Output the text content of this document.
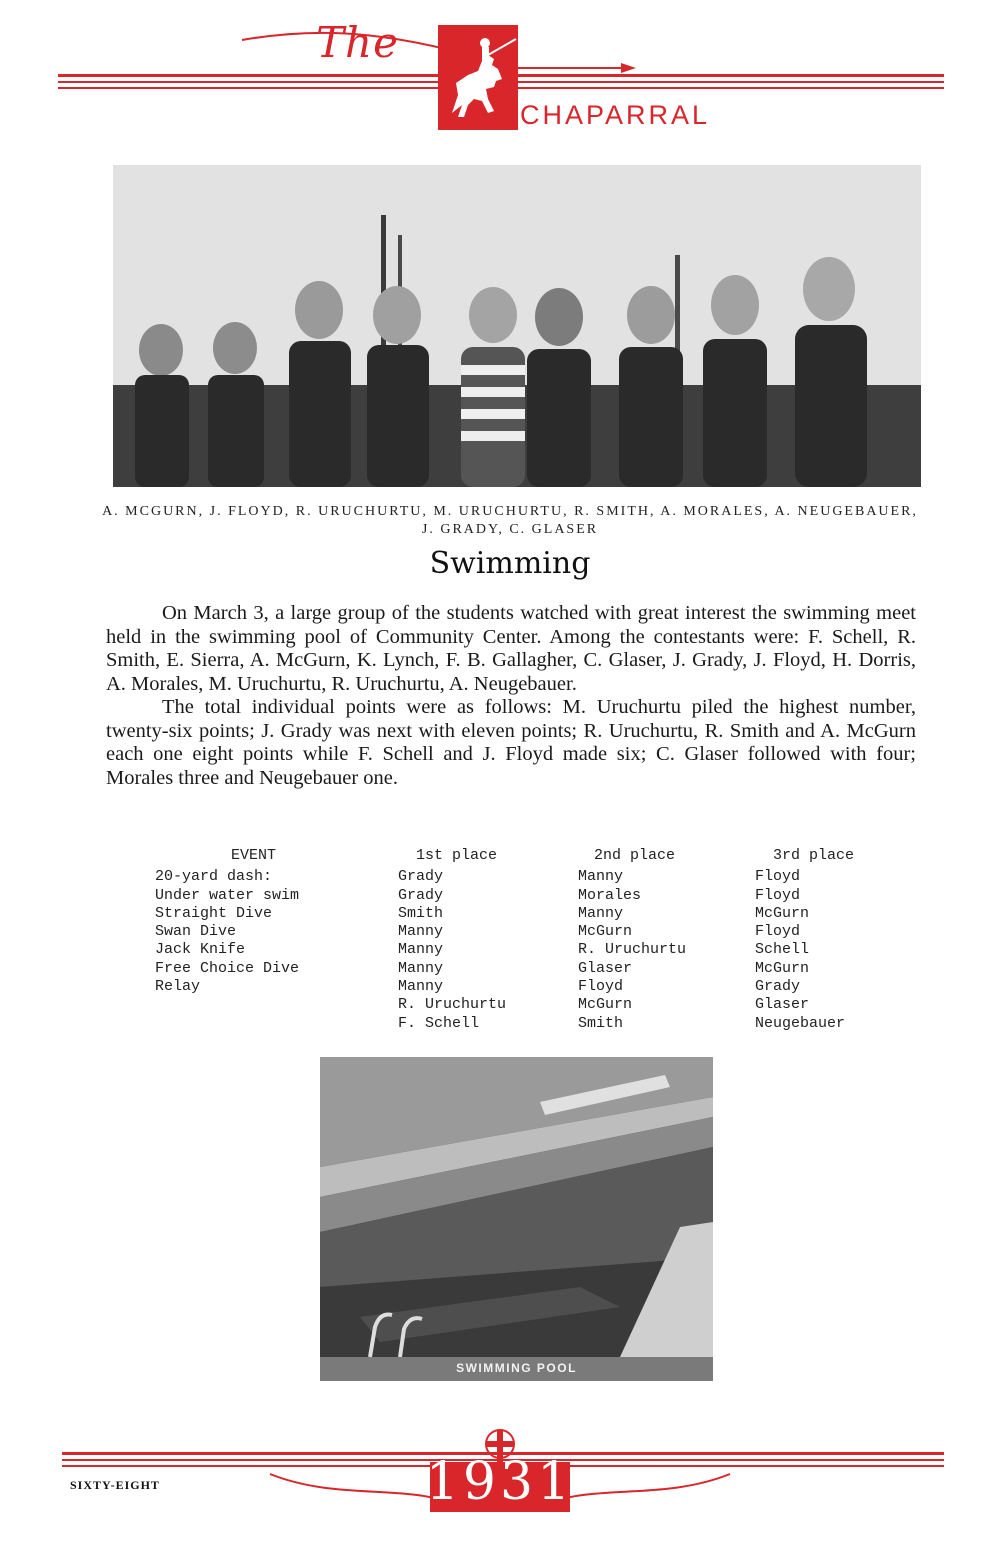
The
CHAPARRAL
A. MCGURN, J. FLOYD, R. URUCHURTU, M. URUCHURTU, R. SMITH, A. MORALES, A. NEUGEBAUER, J. GRADY, C. GLASER
Swimming

On March 3, a large group of the students watched with great interest the swimming meet held in the swimming pool of Community Center. Among the contestants were: F. Schell, R. Smith, E. Sierra, A. McGurn, K. Lynch, F. B. Gallagher, C. Glaser, J. Grady, J. Floyd, H. Dorris, A. Morales, M. Uruchurtu, R. Uruchurtu, A. Neugebauer.

The total individual points were as follows: M. Uruchurtu piled the highest number, twenty-six points; J. Grady was next with eleven points; R. Uruchurtu, R. Smith and A. McGurn each one eight points while F. Schell and J. Floyd made six; C. Glaser followed with four; Morales three and Neugebauer one.

EVENT
20-yard dash:
Under water swim
Straight Dive
Swan Dive
Jack Knife
Free Choice Dive
Relay
1st place
Grady
Grady
Smith
Manny
Manny
Manny
Manny
R. Uruchurtu
F. Schell
2nd place
Manny
Morales
Manny
McGurn
R. Uruchurtu
Glaser
Floyd
McGurn
Smith
3rd place
Floyd
Floyd
McGurn
Floyd
Schell
McGurn
Grady
Glaser
Neugebauer
SWIMMING POOL
1931
SIXTY-EIGHT
